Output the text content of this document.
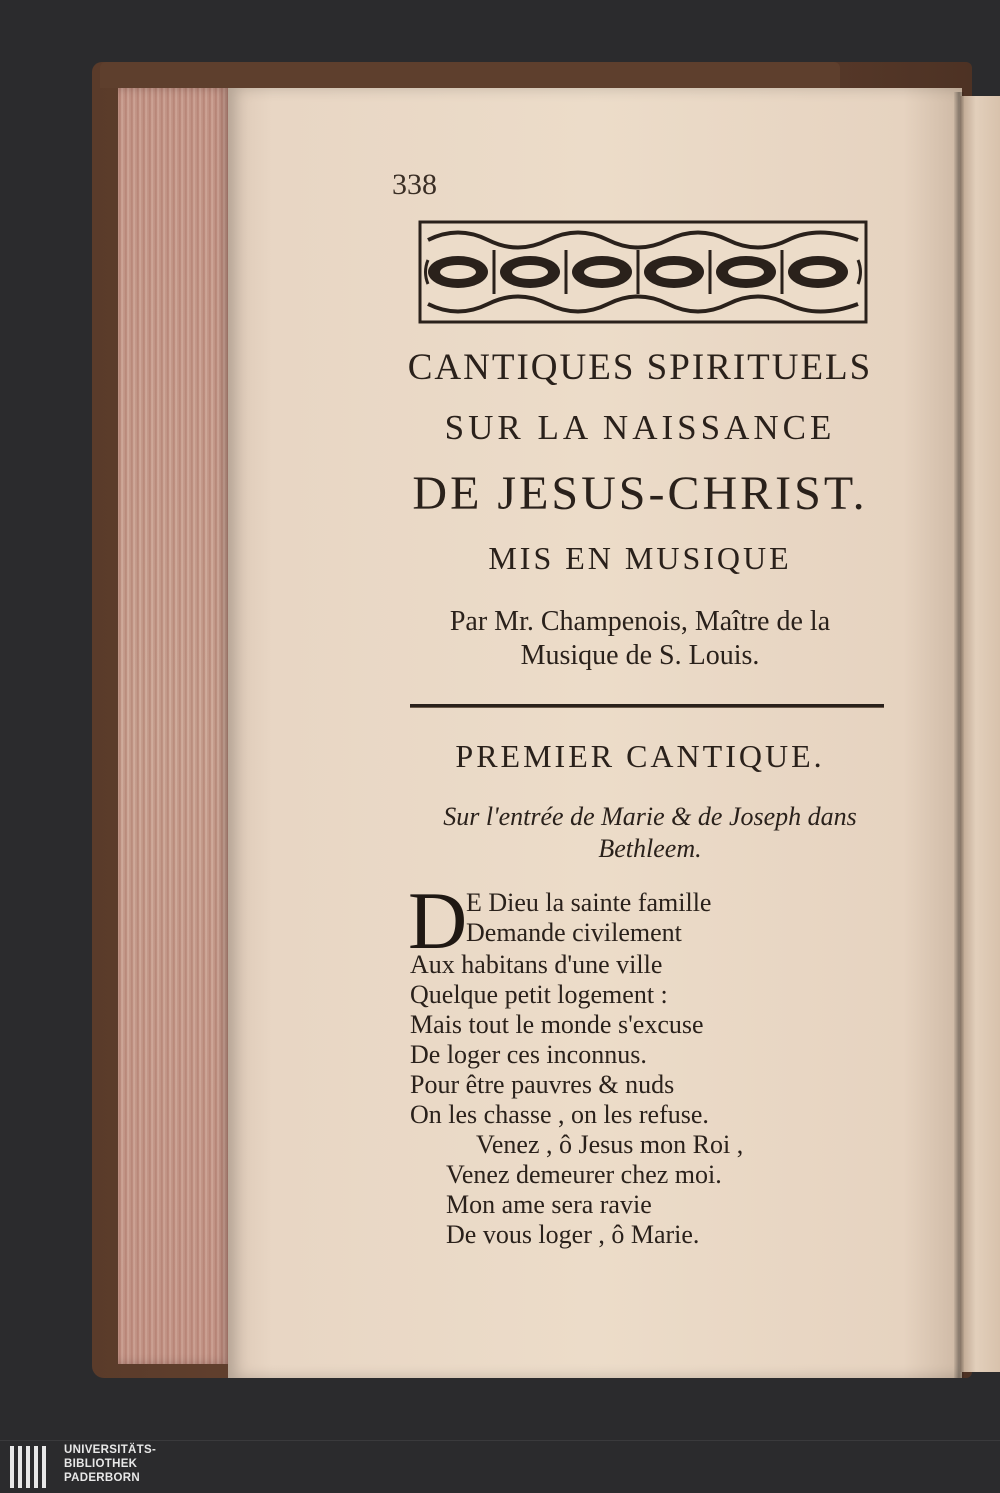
338
CANTIQUES SPIRITUELS
SUR LA NAISSANCE
DE JESUS-CHRIST.
MIS EN MUSIQUE
Par Mr. Champenois, Maître de la
Musique de S. Louis.
PREMIER CANTIQUE.
Sur l'entrée de Marie & de Joseph dans
Bethleem.
D
E Dieu la sainte famille
Demande civilement
Aux habitans d'une ville
Quelque petit logement :
Mais tout le monde s'excuse
De loger ces inconnus.
Pour être pauvres & nuds
On les chasse , on les refuse.
Venez , ô Jesus mon Roi ,
Venez demeurer chez moi.
Mon ame sera ravie
De vous loger , ô Marie.
UNIVERSITÄTS-
BIBLIOTHEK
PADERBORN
